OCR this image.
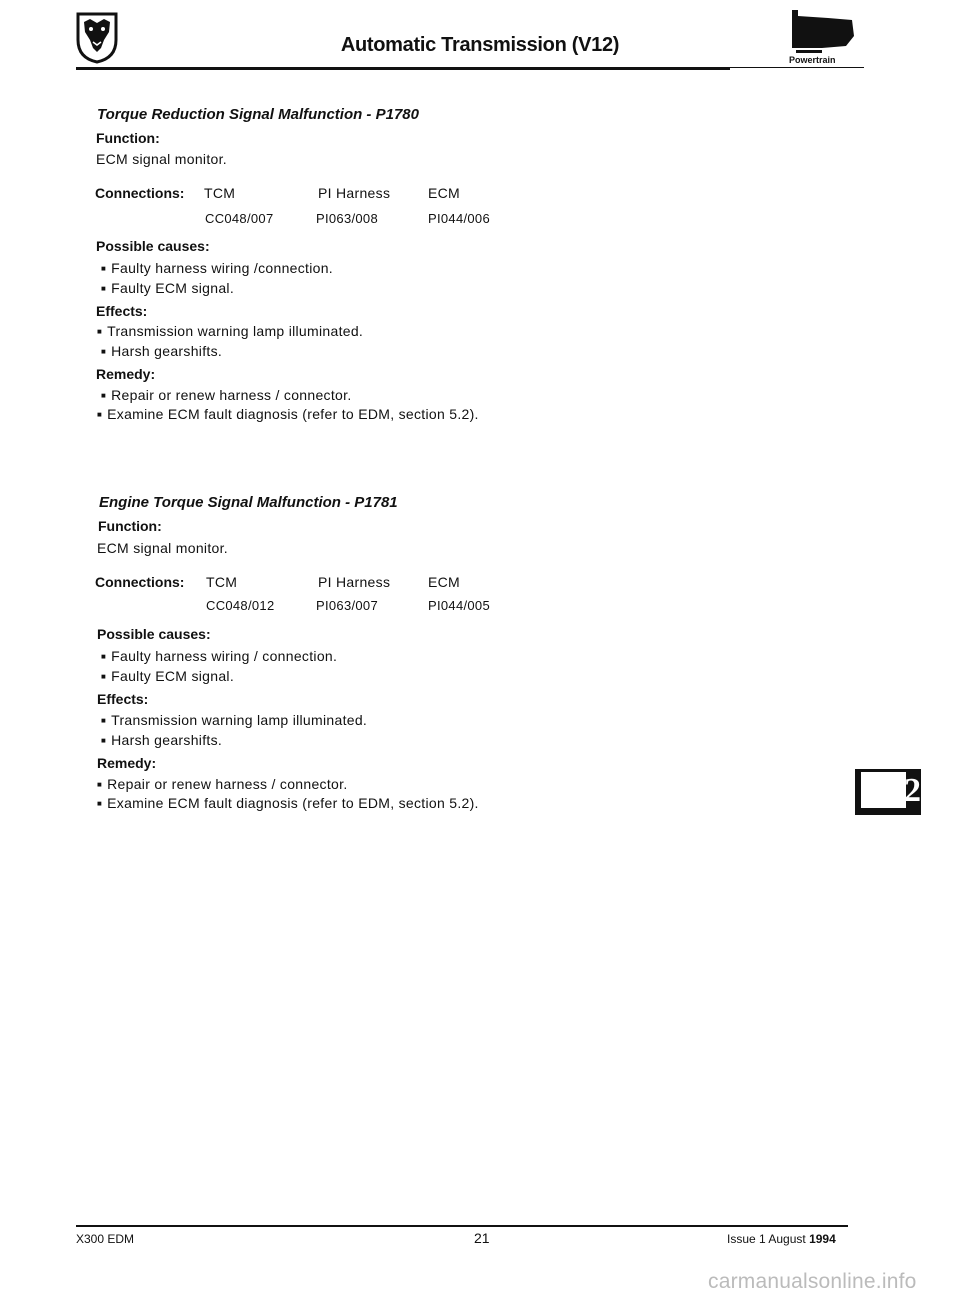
Automatic Transmission (V12)
Powertrain
Torque Reduction Signal Malfunction - P1780
Function:
ECM signal monitor.
Connections: TCM	PI Harness	ECM
CC048/007	PI063/008	PI044/006
Possible causes:
■ Faulty harness wiring /connection.
■ Faulty ECM signal.
Effects:
■ Transmission warning lamp illuminated.
■ Harsh gearshifts.
Remedy:
■ Repair or renew harness / connector.
■ Examine ECM fault diagnosis (refer to EDM, section 5.2).
Engine Torque Signal Malfunction - P1781
Function:
ECM signal monitor.
Connections: TCM	PI Harness	ECM
CC048/012	PI063/007	PI044/005
Possible causes:
■ Faulty harness wiring / connection.
■ Faulty ECM signal.
Effects:
■ Transmission warning lamp illuminated.
■ Harsh gearshifts.
Remedy:
■ Repair or renew harness / connector.
■ Examine ECM fault diagnosis (refer to EDM, section 5.2).	2
X300 EDM	21	Issue 1 August 1994
carmanualsonline.info
